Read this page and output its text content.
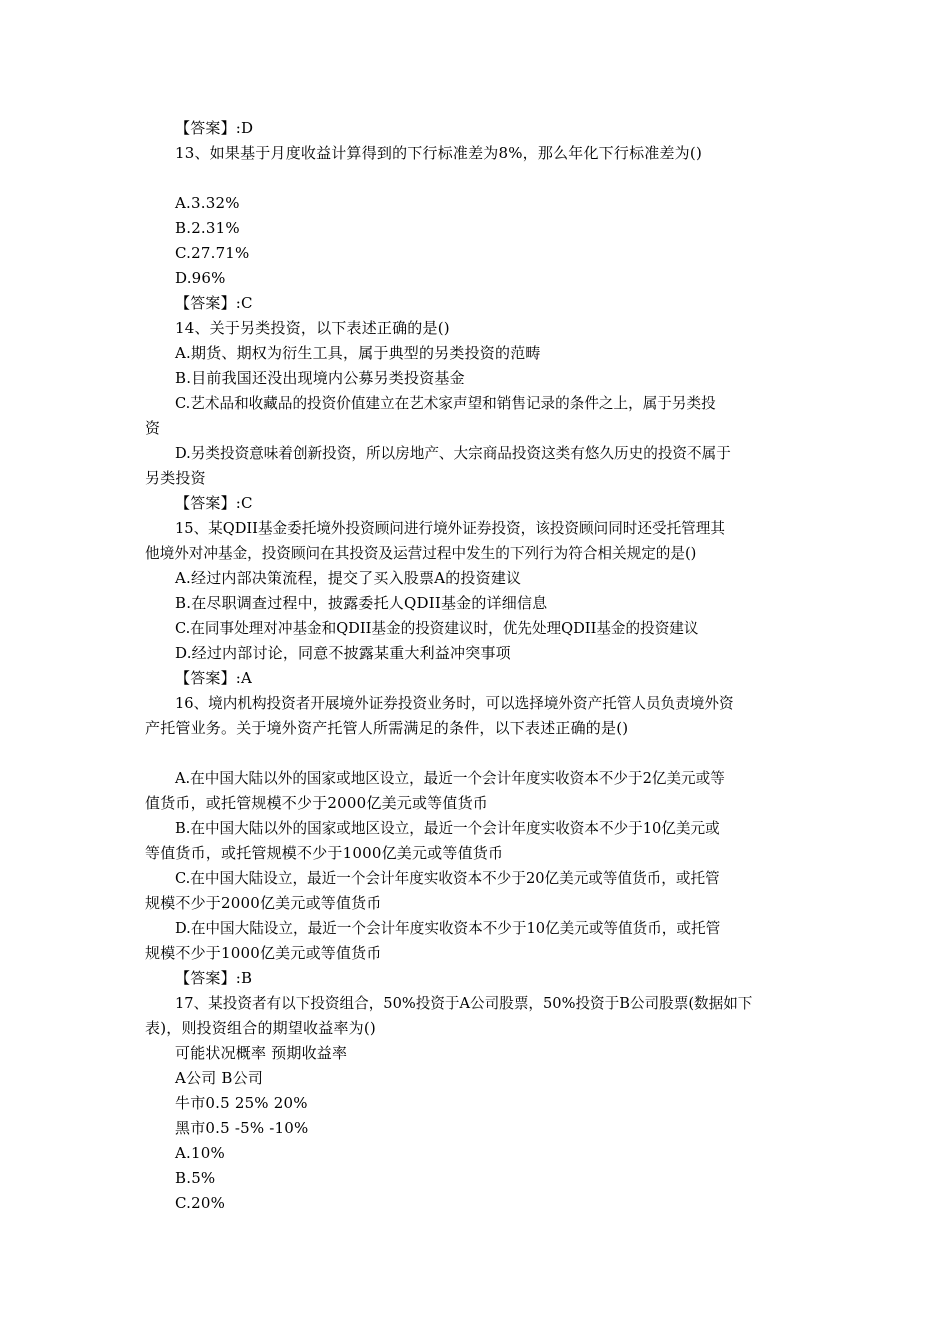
【答案】:D
13、如果基于月度收益计算得到的下行标准差为8%，那么年化下行标准差为()
A.3.32%
B.2.31%
C.27.71%
D.96%
【答案】:C
14、关于另类投资，以下表述正确的是()
A.期货、期权为衍生工具，属于典型的另类投资的范畴
B.目前我国还没出现境内公募另类投资基金
C.艺术品和收藏品的投资价值建立在艺术家声望和销售记录的条件之上，属于另类投
资
D.另类投资意味着创新投资，所以房地产、大宗商品投资这类有悠久历史的投资不属于
另类投资
【答案】:C
15、某QDII基金委托境外投资顾问进行境外证券投资，该投资顾问同时还受托管理其
他境外对冲基金，投资顾问在其投资及运营过程中发生的下列行为符合相关规定的是()
A.经过内部决策流程，提交了买入股票A的投资建议
B.在尽职调查过程中，披露委托人QDII基金的详细信息
C.在同事处理对冲基金和QDII基金的投资建议时，优先处理QDII基金的投资建议
D.经过内部讨论，同意不披露某重大利益冲突事项
【答案】:A
16、境内机构投资者开展境外证券投资业务时，可以选择境外资产托管人员负责境外资
产托管业务。关于境外资产托管人所需满足的条件，以下表述正确的是()
A.在中国大陆以外的国家或地区设立，最近一个会计年度实收资本不少于2亿美元或等
值货币，或托管规模不少于2000亿美元或等值货币
B.在中国大陆以外的国家或地区设立，最近一个会计年度实收资本不少于10亿美元或
等值货币，或托管规模不少于1000亿美元或等值货币
C.在中国大陆设立，最近一个会计年度实收资本不少于20亿美元或等值货币，或托管
规模不少于2000亿美元或等值货币
D.在中国大陆设立，最近一个会计年度实收资本不少于10亿美元或等值货币，或托管
规模不少于1000亿美元或等值货币
【答案】:B
17、某投资者有以下投资组合，50%投资于A公司股票，50%投资于B公司股票(数据如下
表)，则投资组合的期望收益率为()
可能状况概率 预期收益率
A公司 B公司
牛市0.5 25% 20%
黑市0.5 -5% -10%
A.10%
B.5%
C.20%
